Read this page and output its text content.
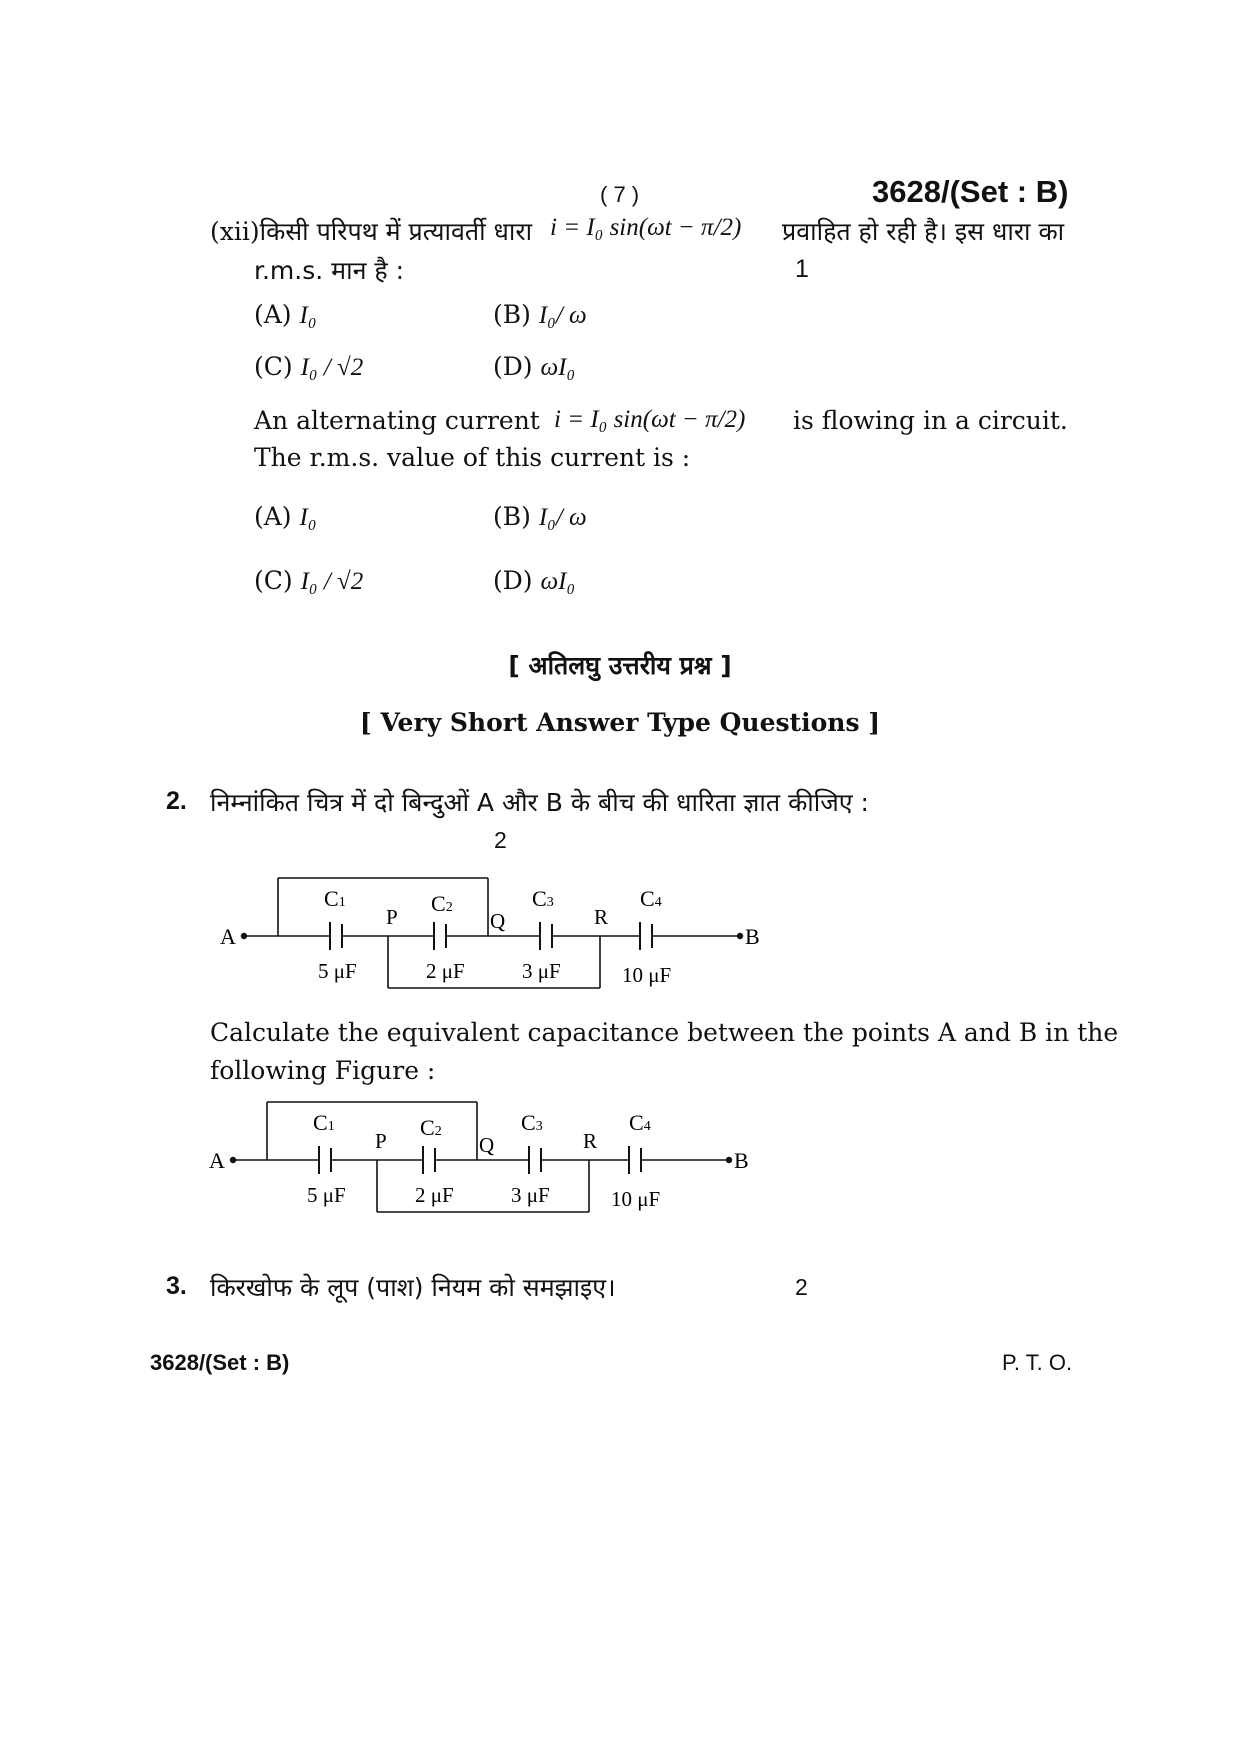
( 7 )	3628/(Set : B)
(xii)किसी परिपथ में प्रत्यावर्ती धारा i = I₀ sin(ωt − π/2) प्रवाहित हो रही है। इस धारा का
r.m.s. मान है :	1
(A) I₀	(B) I₀/ ω
(C) I₀ / √2	(D) ωI₀
An alternating current i = I₀ sin(ωt − π/2) is flowing in a circuit.
The r.m.s. value of this current is :
(A) I₀	(B) I₀/ ω
(C) I₀ / √2	(D) ωI₀
[ अतिलघु उत्तरीय प्रश्न ]
[ Very Short Answer Type Questions ]
2. निम्नांकित चित्र में दो बिन्दुओं A और B के बीच की धारिता ज्ञात कीजिए :
2
A	B
P	Q	R
C1	C2	C3	C4
5 μF	2 μF	3 μF	10 μF
Calculate the equivalent capacitance between the points A and B in the
following Figure :
A	B
P	Q	R
C1	C2	C3	C4
5 μF	2 μF	3 μF	10 μF
3. किरखोफ के लूप (पाश) नियम को समझाइए।	2
3628/(Set : B)	P. T. O.
